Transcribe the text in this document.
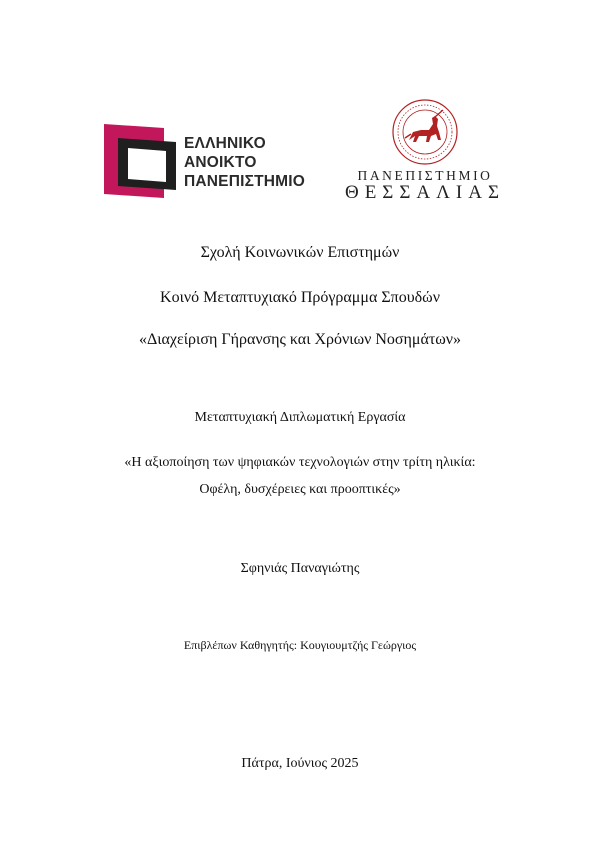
ΕΛΛΗΝΙΚΟ
ΑΝΟΙΚΤΟ
ΠΑΝΕΠΙΣΤΗΜΙΟ	ΠΑΝΕΠΙΣΤΗΜΙΟ
ΘΕΣΣΑΛΙΑΣ
Σχολή Κοινωνικών Επιστημών
Κοινό Μεταπτυχιακό Πρόγραμμα Σπουδών
«Διαχείριση Γήρανσης και Χρόνιων Νοσημάτων»
Μεταπτυχιακή Διπλωματική Εργασία
«Η αξιοποίηση των ψηφιακών τεχνολογιών στην τρίτη ηλικία:
Οφέλη, δυσχέρειες και προοπτικές»
Σφηνιάς Παναγιώτης
Επιβλέπων Καθηγητής: Κουγιουμτζής Γεώργιος
Πάτρα, Ιούνιος 2025
